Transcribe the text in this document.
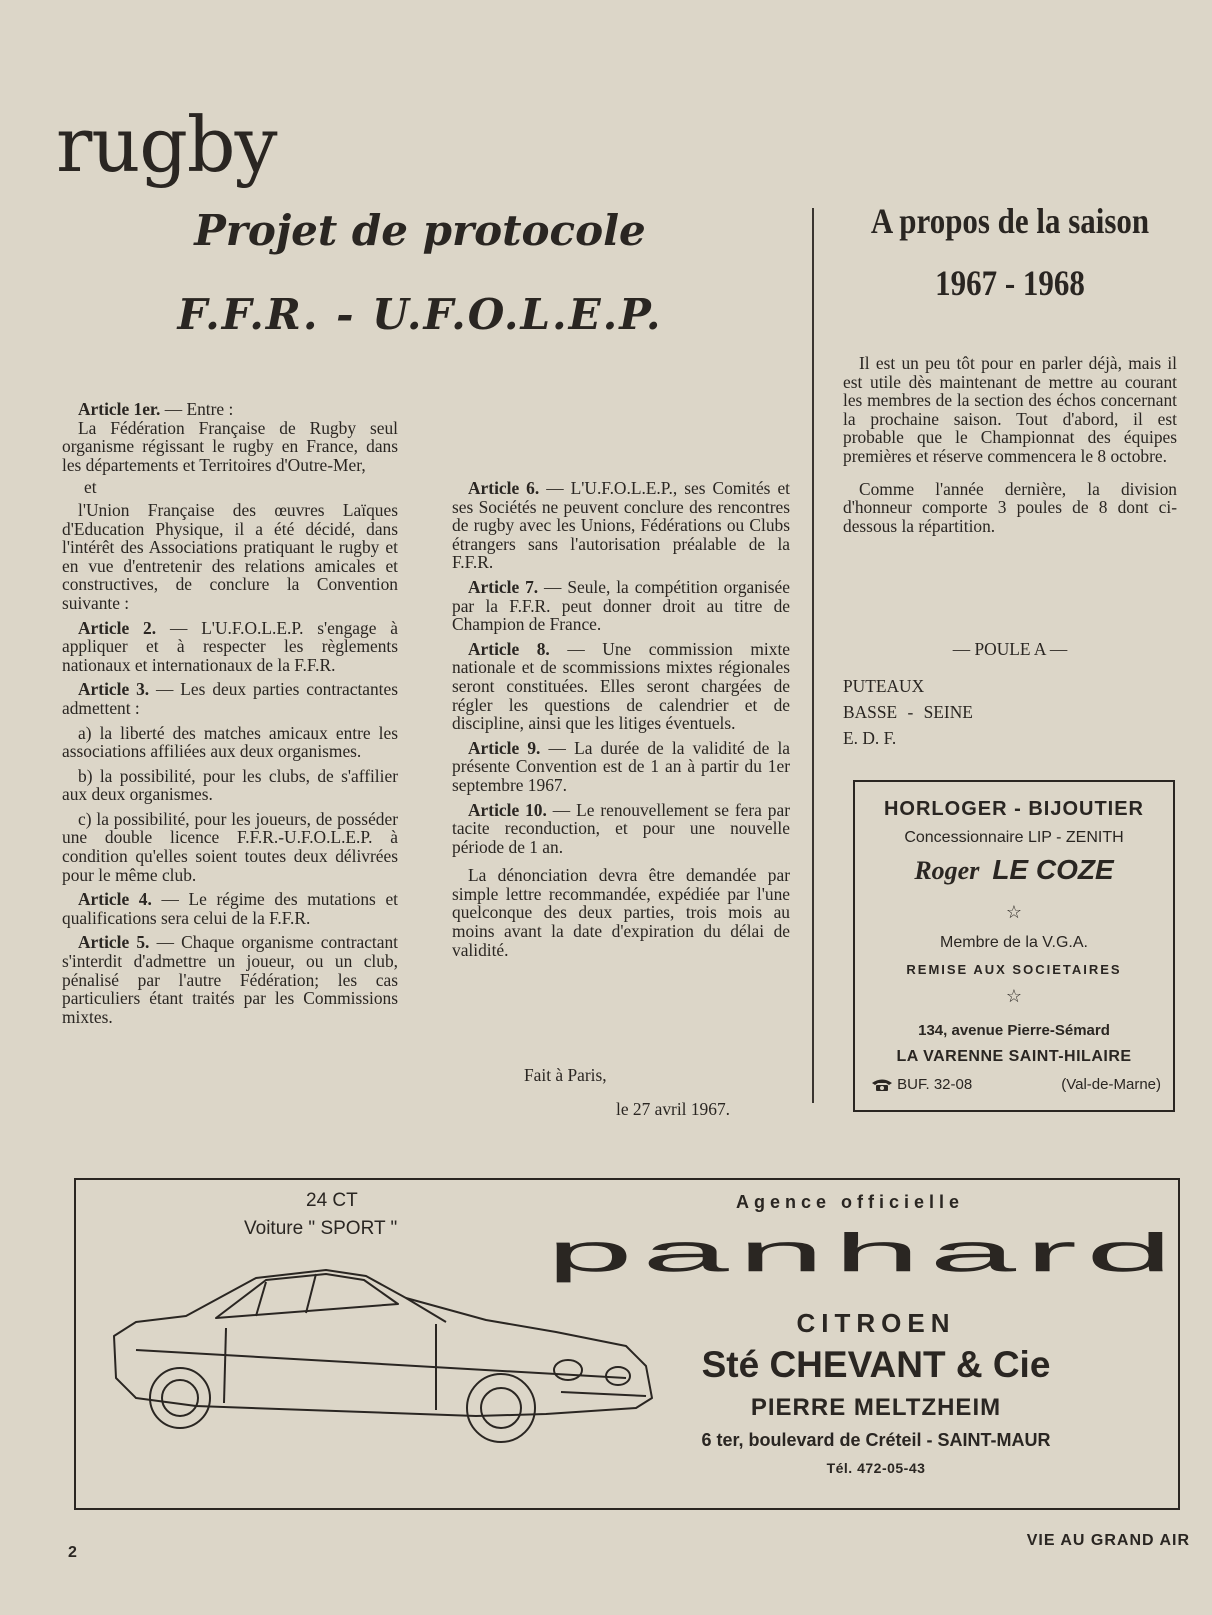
rugby
Projet de protocole
F.F.R. - U.F.O.L.E.P.

Article 1er. — Entre :

La Fédération Française de Rugby seul organisme régissant le rugby en France, dans les départements et Territoires d'Outre-Mer,

et

l'Union Française des œuvres Laïques d'Education Physique, il a été décidé, dans l'intérêt des Associations pratiquant le rugby et en vue d'entretenir des relations amicales et constructives, de conclure la Convention suivante :

Article 2. — L'U.F.O.L.E.P. s'engage à appliquer et à respecter les règlements nationaux et internationaux de la F.F.R.

Article 3. — Les deux parties contractantes admettent :

a) la liberté des matches amicaux entre les associations affiliées aux deux organismes.

b) la possibilité, pour les clubs, de s'affilier aux deux organismes.

c) la possibilité, pour les joueurs, de posséder une double licence F.F.R.-U.F.O.L.E.P. à condition qu'elles soient toutes deux délivrées pour le même club.

Article 4. — Le régime des mutations et qualifications sera celui de la F.F.R.

Article 5. — Chaque organisme contractant s'interdit d'admettre un joueur, ou un club, pénalisé par l'autre Fédération; les cas particuliers étant traités par les Commissions mixtes.

Article 6. — L'U.F.O.L.E.P., ses Comités et ses Sociétés ne peuvent conclure des rencontres de rugby avec les Unions, Fédérations ou Clubs étrangers sans l'autorisation préalable de la F.F.R.

Article 7. — Seule, la compétition organisée par la F.F.R. peut donner droit au titre de Champion de France.

Article 8. — Une commission mixte nationale et de scommissions mixtes régionales seront constituées. Elles seront chargées de régler les questions de calendrier et de discipline, ainsi que les litiges éventuels.

Article 9. — La durée de la validité de la présente Convention est de 1 an à partir du 1er septembre 1967.

Article 10. — Le renouvellement se fera par tacite reconduction, et pour une nouvelle période de 1 an.

La dénonciation devra être demandée par simple lettre recommandée, expédiée par l'une quelconque des deux parties, trois mois au moins avant la date d'expiration du délai de validité.

Fait à Paris,
le 27 avril 1967.
A propos de la saison
1967 - 1968

Il est un peu tôt pour en parler déjà, mais il est utile dès maintenant de mettre au courant les membres de la section des échos concernant la prochaine saison. Tout d'abord, il est probable que le Championnat des équipes premières et réserve commencera le 8 octobre.

Comme l'année dernière, la division d'honneur comporte 3 poules de 8 dont ci-dessous la répartition.

— POULE A —
PUTEAUX
BASSE - SEINE
E. D. F.
HORLOGER - BIJOUTIER
Concessionnaire LIP - ZENITH
Roger LE COZE
☆
Membre de la V.G.A.
REMISE AUX SOCIETAIRES
☆
134, avenue Pierre-Sémard
LA VARENNE SAINT-HILAIRE
BUF. 32-08	(Val-de-Marne)
24 CT
Voiture " SPORT "
Agence officielle
panhard
CITROEN
Sté CHEVANT & Cie
PIERRE MELTZHEIM
6 ter, boulevard de Créteil - SAINT-MAUR
Tél. 472-05-43
2
VIE AU GRAND AIR
